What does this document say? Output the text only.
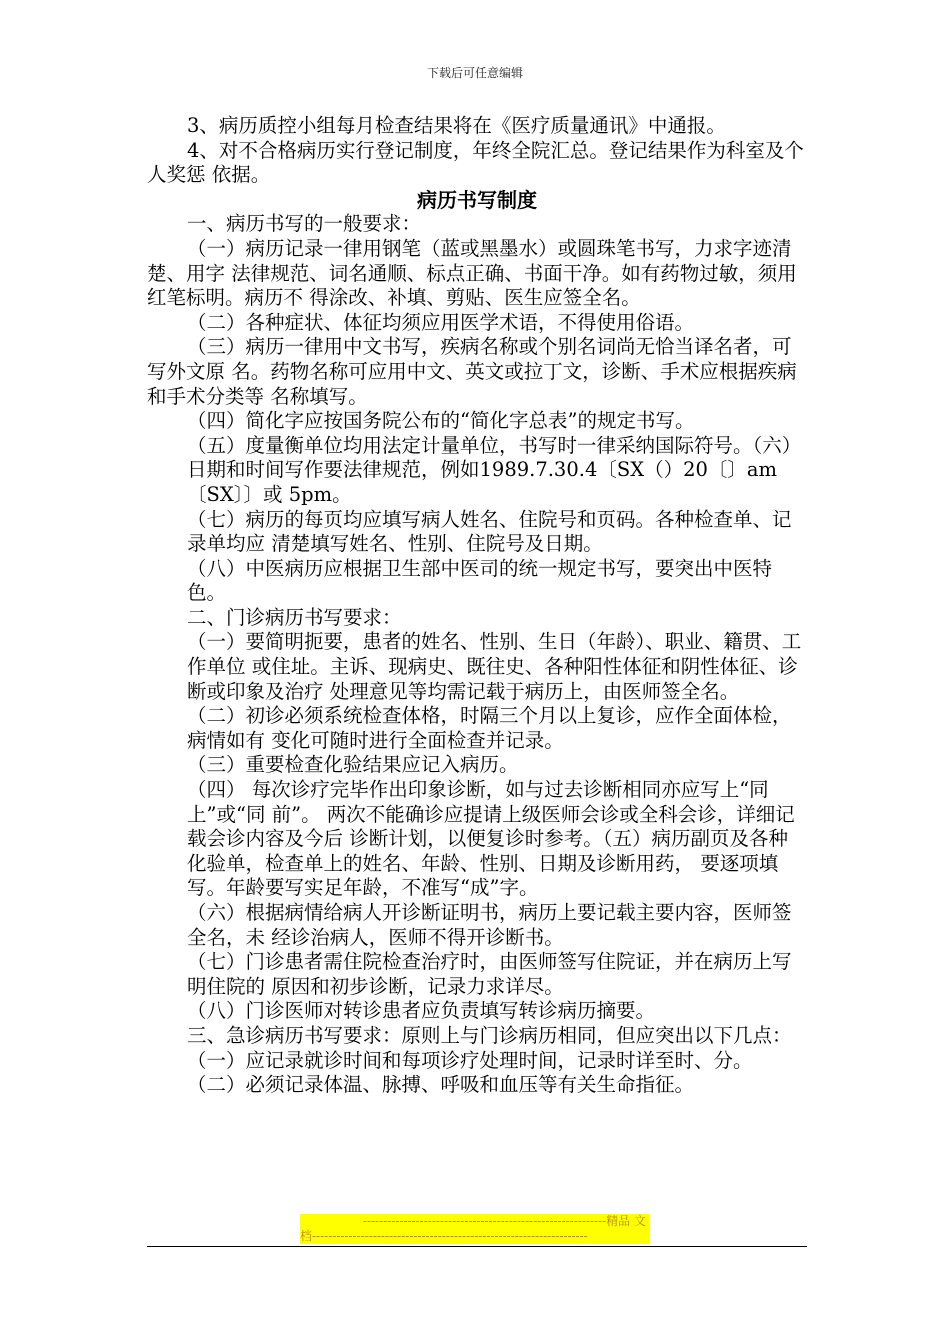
下载后可任意编辑

3、病历质控小组每月检查结果将在《医疗质量通讯》中通报。

4、对不合格病历实行登记制度，年终全院汇总。登记结果作为科室及个人奖惩 依据。

病历书写制度

一、病历书写的一般要求：

（一）病历记录一律用钢笔（蓝或黑墨水）或圆珠笔书写，力求字迹清楚、用字 法律规范、词名通顺、标点正确、书面干净。如有药物过敏，须用红笔标明。病历不 得涂改、补填、剪贴、医生应签全名。

（二）各种症状、体征均须应用医学术语，不得使用俗语。

（三）病历一律用中文书写，疾病名称或个别名词尚无恰当译名者，可写外文原 名。药物名称可应用中文、英文或拉丁文，诊断、手术应根据疾病和手术分类等 名称填写。

（四）简化字应按国务院公布的“简化字总表”的规定书写。

（五）度量衡单位均用法定计量单位，书写时一律采纳国际符号。（六）日期和时间写作要法律规范，例如1989.7.30.4〔SX（）20〔〕am〔SX〕〕或 5pm。

（七）病历的每页均应填写病人姓名、住院号和页码。各种检查单、记录单均应 清楚填写姓名、性别、住院号及日期。

（八）中医病历应根据卫生部中医司的统一规定书写，要突出中医特色。

二、门诊病历书写要求：

（一）要简明扼要，患者的姓名、性别、生日（年龄）、职业、籍贯、工作单位 或住址。主诉、现病史、既往史、各种阳性体征和阴性体征、诊断或印象及治疗 处理意见等均需记载于病历上，由医师签全名。

（二）初诊必须系统检查体格，时隔三个月以上复诊，应作全面体检，病情如有 变化可随时进行全面检查并记录。

（三）重要检查化验结果应记入病历。

（四） 每次诊疗完毕作出印象诊断，如与过去诊断相同亦应写上“同上”或“同 前”。 两次不能确诊应提请上级医师会诊或全科会诊，详细记载会诊内容及今后 诊断计划，以便复诊时参考。（五）病历副页及各种化验单，检查单上的姓名、年龄、性别、日期及诊断用药， 要逐项填写。年龄要写实足年龄，不准写“成”字。

（六）根据病情给病人开诊断证明书，病历上要记载主要内容，医师签全名，未 经诊治病人，医师不得开诊断书。

（七）门诊患者需住院检查治疗时，由医师签写住院证，并在病历上写明住院的 原因和初步诊断，记录力求详尽。

（八）门诊医师对转诊患者应负责填写转诊病历摘要。

三、急诊病历书写要求：原则上与门诊病历相同，但应突出以下几点：

（一）应记录就诊时间和每项诊疗处理时间，记录时详至时、分。 （二）必须记录体温、脉搏、呼吸和血压等有关生命指征。

------------------------------------------------------------精品 文
档--------------------------------------------------------------------
